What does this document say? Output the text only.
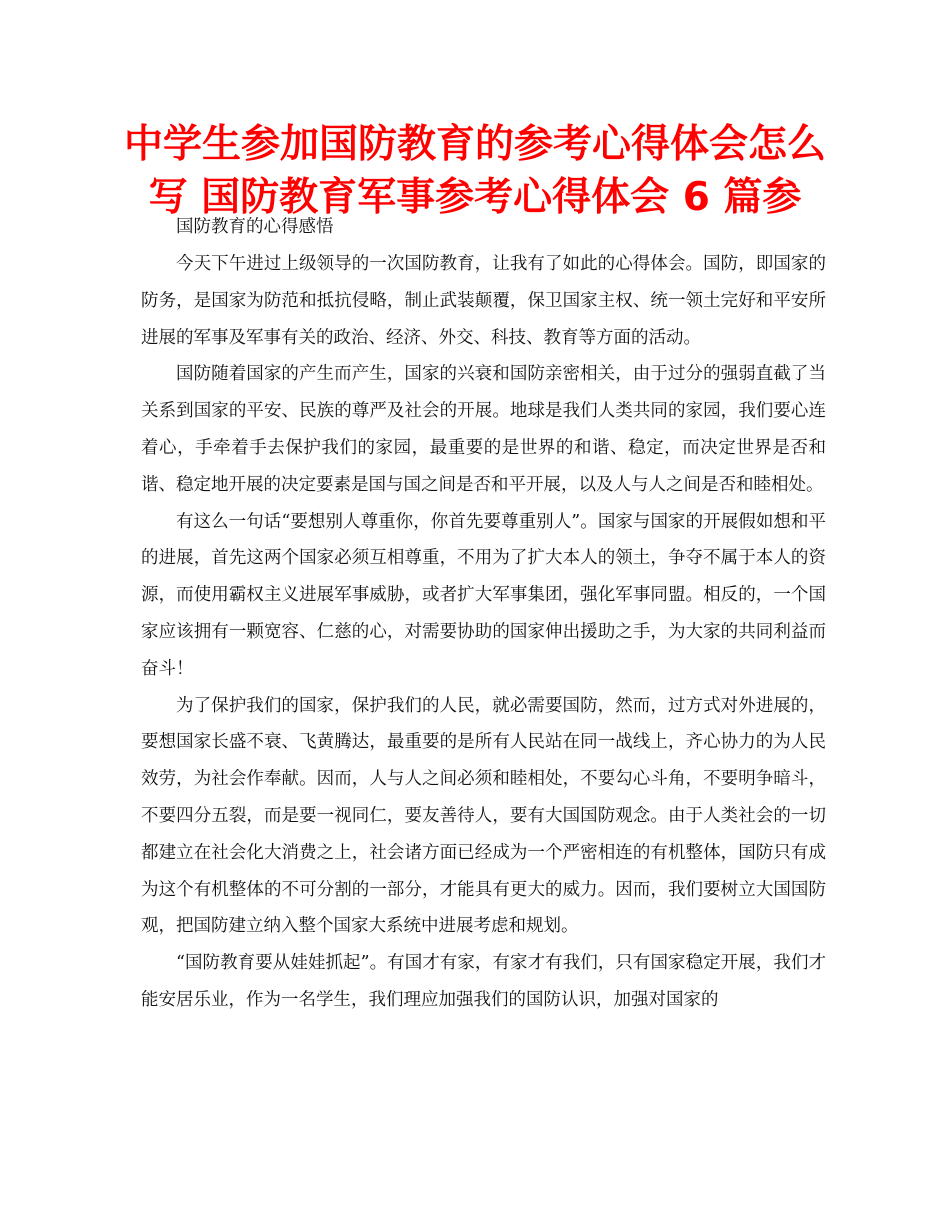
中学生参加国防教育的参考心得体会怎么
写 国防教育军事参考心得体会 6 篇参
国防教育的心得感悟

今天下午进过上级领导的一次国防教育，让我有了如此的心得体会。国防，即国家的防务，是国家为防范和抵抗侵略，制止武装颠覆，保卫国家主权、统一领土完好和平安所进展的军事及军事有关的政治、经济、外交、科技、教育等方面的活动。

国防随着国家的产生而产生，国家的兴衰和国防亲密相关，由于过分的强弱直截了当关系到国家的平安、民族的尊严及社会的开展。地球是我们人类共同的家园，我们要心连着心，手牵着手去保护我们的家园，最重要的是世界的和谐、稳定，而决定世界是否和谐、稳定地开展的决定要素是国与国之间是否和平开展，以及人与人之间是否和睦相处。

有这么一句话“要想别人尊重你，你首先要尊重别人”。国家与国家的开展假如想和平的进展，首先这两个国家必须互相尊重，不用为了扩大本人的领土，争夺不属于本人的资源，而使用霸权主义进展军事威胁，或者扩大军事集团，强化军事同盟。相反的，一个国家应该拥有一颗宽容、仁慈的心，对需要协助的国家伸出援助之手，为大家的共同利益而奋斗！

为了保护我们的国家，保护我们的人民，就必需要国防，然而，过方式对外进展的，要想国家长盛不衰、飞黄腾达，最重要的是所有人民站在同一战线上，齐心协力的为人民效劳，为社会作奉献。因而，人与人之间必须和睦相处，不要勾心斗角，不要明争暗斗，不要四分五裂，而是要一视同仁，要友善待人，要有大国国防观念。由于人类社会的一切都建立在社会化大消费之上，社会诸方面已经成为一个严密相连的有机整体，国防只有成为这个有机整体的不可分割的一部分，才能具有更大的威力。因而，我们要树立大国国防观，把国防建立纳入整个国家大系统中进展考虑和规划。

“国防教育要从娃娃抓起”。有国才有家，有家才有我们，只有国家稳定开展，我们才能安居乐业，作为一名学生，我们理应加强我们的国防认识，加强对国家的
